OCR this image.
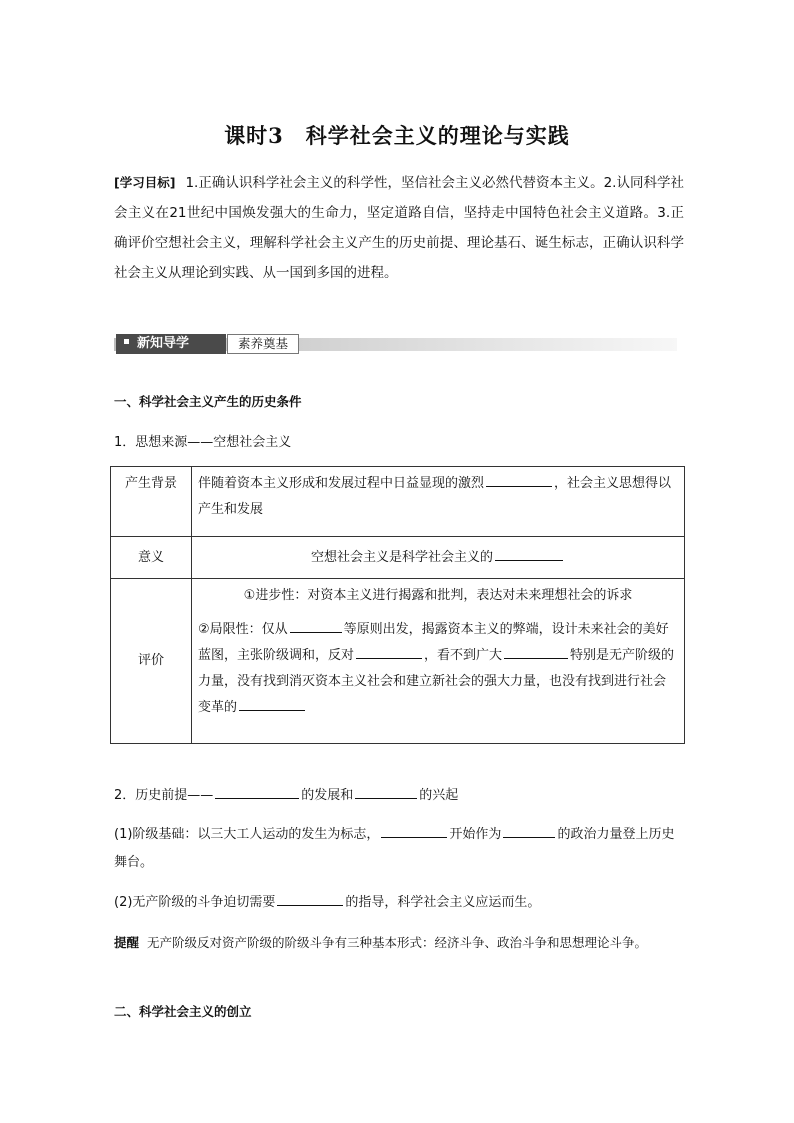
课时3　科学社会主义的理论与实践
[学习目标] 1.正确认识科学社会主义的科学性，坚信社会主义必然代替资本主义。2.认同科学社会主义在21世纪中国焕发强大的生命力，坚定道路自信，坚持走中国特色社会主义道路。3.正确评价空想社会主义，理解科学社会主义产生的历史前提、理论基石、诞生标志，正确认识科学社会主义从理论到实践、从一国到多国的进程。
新知导学	素养奠基
一、科学社会主义产生的历史条件
1．思想来源——空想社会主义
产生背景	伴随着资本主义形成和发展过程中日益显现的激烈 ，社会主义思想得以产生和发展
意义	空想社会主义是科学社会主义的
评价	①进步性：对资本主义进行揭露和批判，表达对未来理想社会的诉求
②局限性：仅从 等原则出发，揭露资本主义的弊端，设计未来社会的美好蓝图，主张阶级调和，反对 ，看不到广大 特别是无产阶级的力量，没有找到消灭资本主义社会和建立新社会的强大力量，也没有找到进行社会变革的
2．历史前提——	的发展和	的兴起
(1)阶级基础：以三大工人运动的发生为标志，	开始作为	的政治力量登上历史舞台。
(2)无产阶级的斗争迫切需要	的指导，科学社会主义应运而生。
提醒 无产阶级反对资产阶级的阶级斗争有三种基本形式：经济斗争、政治斗争和思想理论斗争。
二、科学社会主义的创立
